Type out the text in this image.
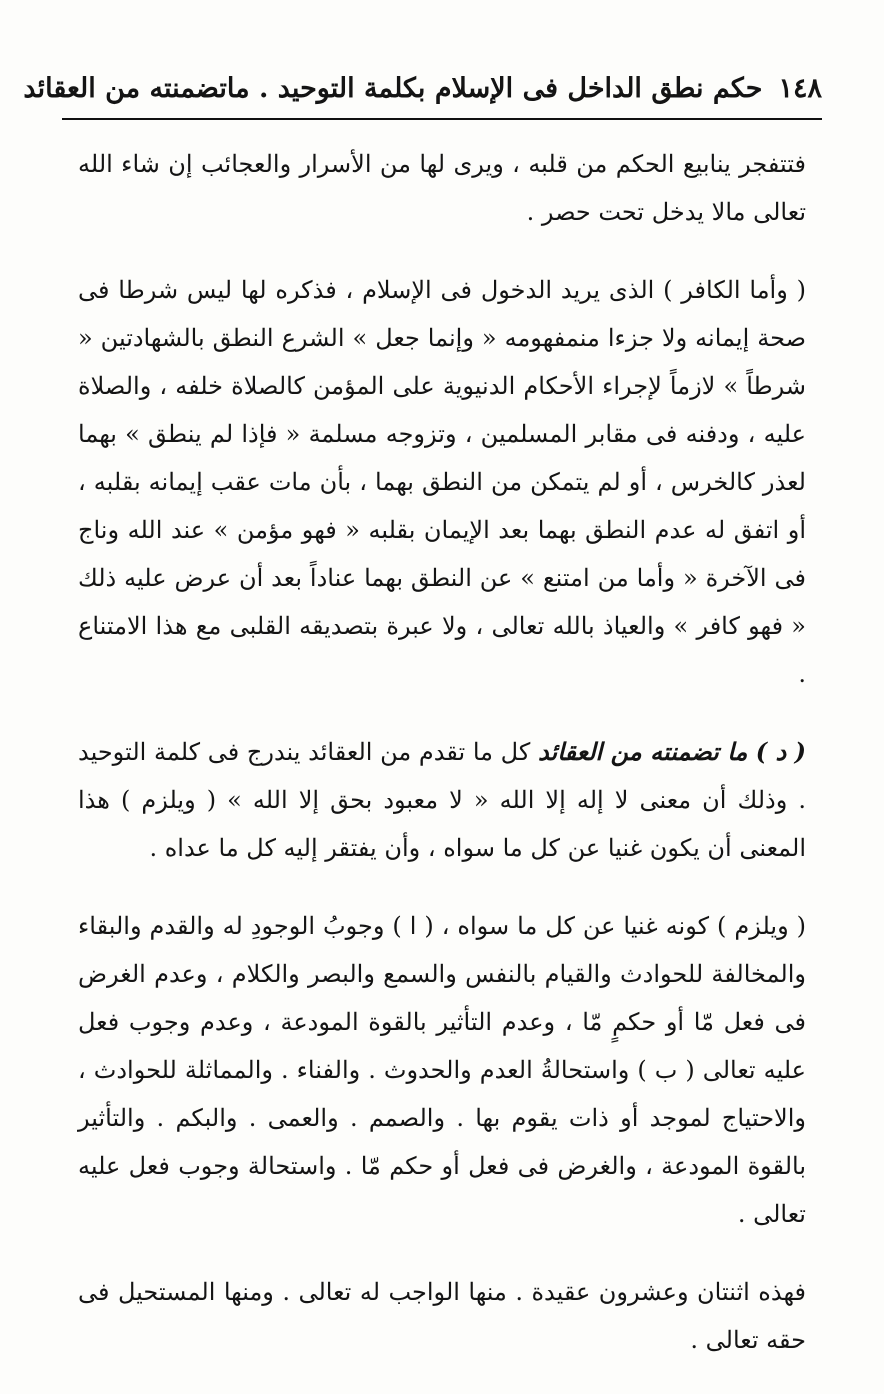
١٤٨
حكم نطق الداخل فى الإسلام بكلمة التوحيد . ماتضمنته من العقائد

فتتفجر ينابيع الحكم من قلبه ، ويرى لها من الأسرار والعجائب إن شاء الله تعالى مالا يدخل تحت حصر .

( وأما الكافر ) الذى يريد الدخول فى الإسلام ، فذكره لها ليس شرطا فى صحة إيمانه ولا جزءا منمفهومه « وإنما جعل » الشرع النطق بالشهادتين « شرطاً » لازماً لإجراء الأحكام الدنيوية على المؤمن كالصلاة خلفه ، والصلاة عليه ، ودفنه فى مقابر المسلمين ، وتزوجه مسلمة « فإذا لم ينطق » بهما لعذر كالخرس ، أو لم يتمكن من النطق بهما ، بأن مات عقب إيمانه بقلبه ، أو اتفق له عدم النطق بهما بعد الإيمان بقلبه « فهو مؤمن » عند الله وناج فى الآخرة « وأما من امتنع » عن النطق بهما عناداً بعد أن عرض عليه ذلك « فهو كافر » والعياذ بالله تعالى ، ولا عبرة بتصديقه القلبى مع هذا الامتناع .

( د ) ما تضمنته من العقائد كل ما تقدم من العقائد يندرج فى كلمة التوحيد . وذلك أن معنى لا إله إلا الله « لا معبود بحق إلا الله » ( ويلزم ) هذا المعنى أن يكون غنيا عن كل ما سواه ، وأن يفتقر إليه كل ما عداه .

( ويلزم ) كونه غنيا عن كل ما سواه ، ( ا ) وجوبُ الوجودِ له والقدم والبقاء والمخالفة للحوادث والقيام بالنفس والسمع والبصر والكلام ، وعدم الغرض فى فعل مّا أو حكمٍ مّا ، وعدم التأثير بالقوة المودعة ، وعدم وجوب فعل عليه تعالى ( ب ) واستحالةُ العدم والحدوث . والفناء . والمماثلة للحوادث ، والاحتياج لموجد أو ذات يقوم بها . والصمم . والعمى . والبكم . والتأثير بالقوة المودعة ، والغرض فى فعل أو حكم مّا . واستحالة وجوب فعل عليه تعالى .

فهذه اثنتان وعشرون عقيدة . منها الواجب له تعالى . ومنها المستحيل فى حقه تعالى .
